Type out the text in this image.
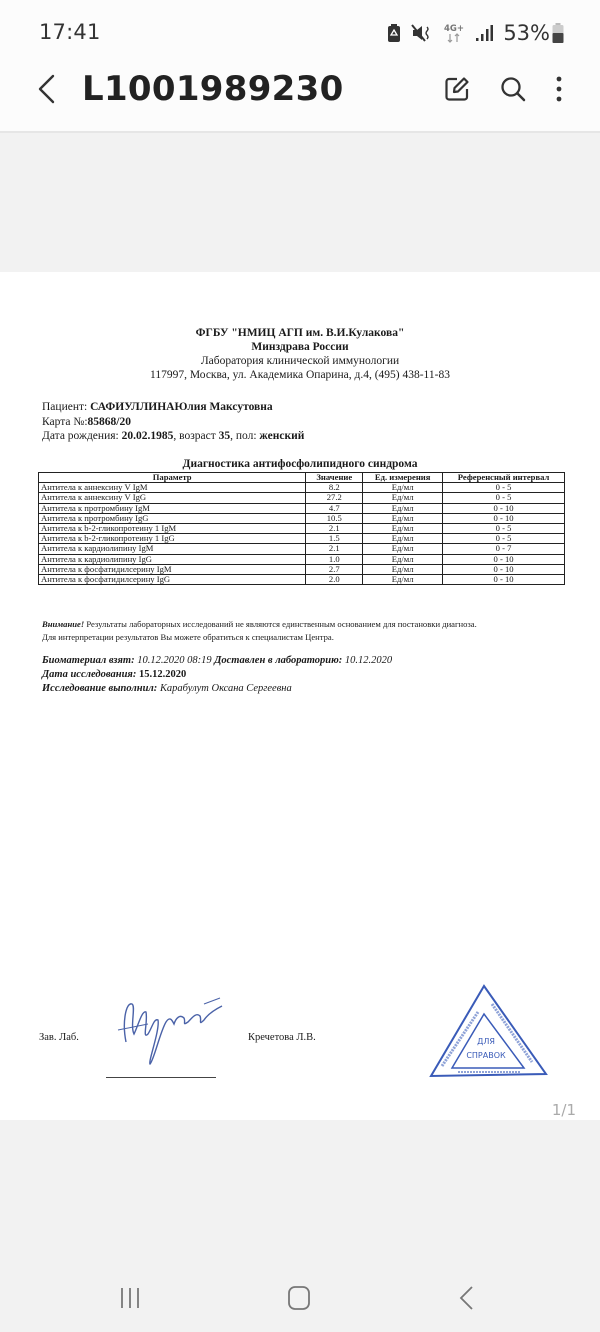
17:41	4G+ 53%
L1001989230
ФГБУ "НМИЦ АГП им. В.И.Кулакова"
Минздрава России
Лаборатория клинической иммунологии
117997, Москва, ул. Академика Опарина, д.4, (495) 438-11-83
Пациент: САФИУЛЛИНАЮлия Максутовна
Карта №:85868/20
Дата рождения: 20.02.1985, возраст 35, пол: женский
Диагностика антифосфолипидного синдрома
Параметр	Значение	Ед. измерения	Референсный интервал
Антитела к аннексину V IgM	8.2	Ед/мл	0 - 5
Антитела к аннексину V IgG	27.2	Ед/мл	0 - 5
Антитела к протромбину IgM	4.7	Ед/мл	0 - 10
Антитела к протромбину IgG	10.5	Ед/мл	0 - 10
Антитела к b-2-гликопротеину 1 IgM	2.1	Ед/мл	0 - 5
Антитела к b-2-гликопротеину 1 IgG	1.5	Ед/мл	0 - 5
Антитела к кардиолипину IgM	2.1	Ед/мл	0 - 7
Антитела к кардиолипину IgG	1.0	Ед/мл	0 - 10
Антитела к фосфатидилсерину IgM	2.7	Ед/мл	0 - 10
Антитела к фосфатидилсерину IgG	2.0	Ед/мл	0 - 10
Внимание! Результаты лабораторных исследований не являются единственным основанием для постановки диагноза.
Для интерпретации результатов Вы можете обратиться к специалистам Центра.
Биоматериал взят: 10.12.2020 08:19 Доставлен в лабораторию: 10.12.2020
Дата исследования: 15.12.2020
Исследование выполнил: Карабулут Оксана Сергеевна
Зав. Лаб.	Кречетова Л.В.	ДЛЯ
СПРАВОК
1/1
